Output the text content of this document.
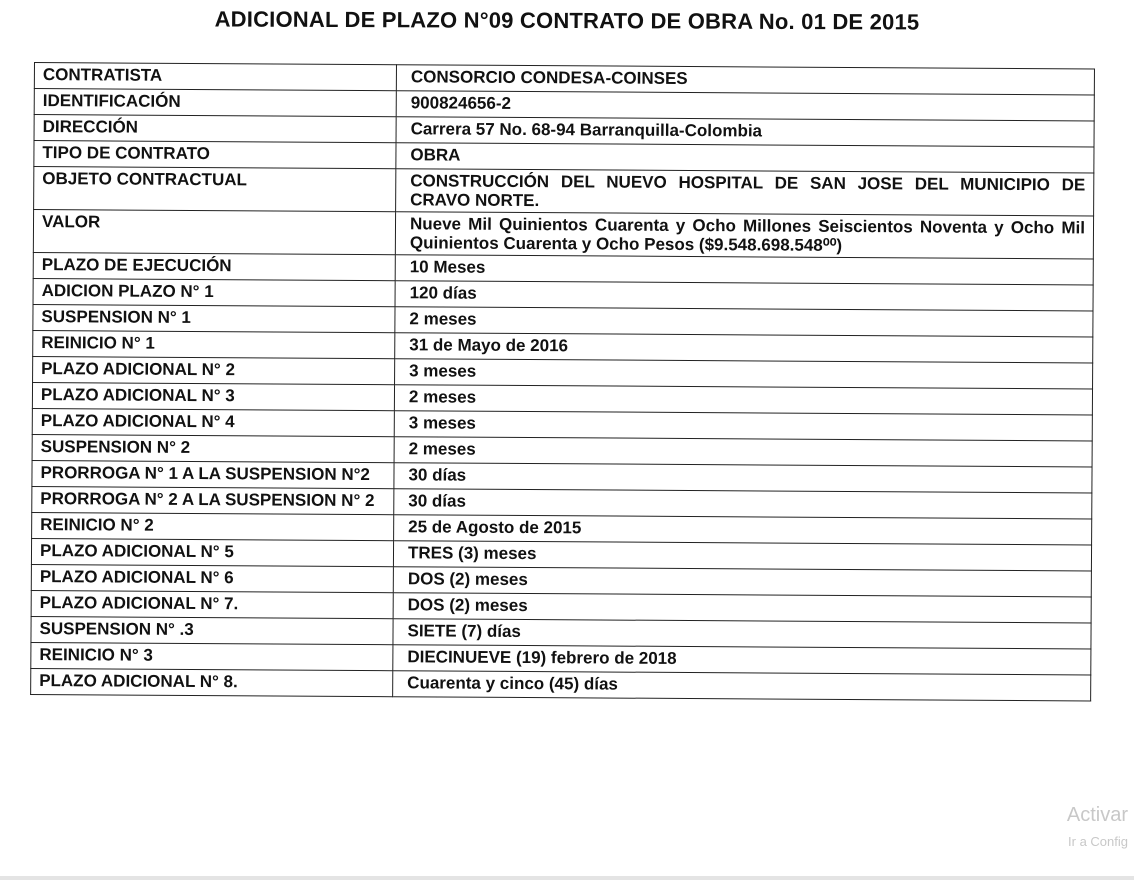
ADICIONAL DE PLAZO N°09 CONTRATO DE OBRA No. 01 DE 2015
CONTRATISTA	CONSORCIO CONDESA-COINSES
IDENTIFICACIÓN	900824656-2
DIRECCIÓN	Carrera 57 No. 68-94 Barranquilla-Colombia
TIPO DE CONTRATO	OBRA
OBJETO CONTRACTUAL	CONSTRUCCIÓN DEL NUEVO HOSPITAL DE SAN JOSE DEL MUNICIPIO DE CRAVO NORTE.
VALOR	Nueve Mil Quinientos Cuarenta y Ocho Millones Seiscientos Noventa y Ocho Mil Quinientos Cuarenta y Ocho Pesos ($9.548.698.548⁰⁰)
PLAZO DE EJECUCIÓN	10 Meses
ADICION PLAZO N° 1	120 días
SUSPENSION N° 1	2 meses
REINICIO N° 1	31 de Mayo de 2016
PLAZO ADICIONAL N° 2	3 meses
PLAZO ADICIONAL N° 3	2 meses
PLAZO ADICIONAL N° 4	3 meses
SUSPENSION N° 2	2 meses
PRORROGA N° 1 A LA SUSPENSION N°2	30 días
PRORROGA N° 2 A LA SUSPENSION N° 2	30 días
REINICIO N° 2	25 de Agosto de 2015
PLAZO ADICIONAL N° 5	TRES (3) meses
PLAZO ADICIONAL N° 6	DOS (2) meses
PLAZO ADICIONAL N° 7.	DOS (2) meses
SUSPENSION N° .3	SIETE (7) días
REINICIO N° 3	DIECINUEVE (19) febrero de 2018
PLAZO ADICIONAL N° 8.	Cuarenta y cinco (45) días
Activar
Ir a Config
